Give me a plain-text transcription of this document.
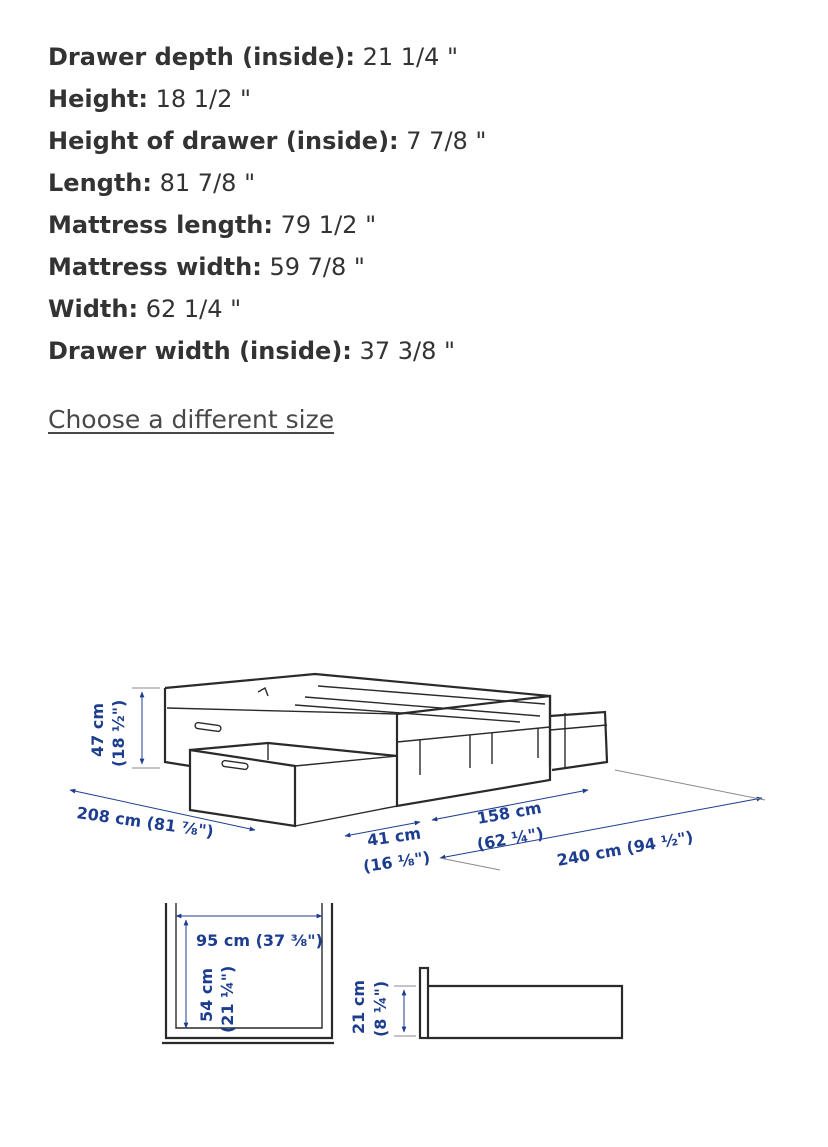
Drawer depth (inside): 21 1/4 "
Height: 18 1/2 "
Height of drawer (inside): 7 7/8 "
Length: 81 7/8 "
Mattress length: 79 1/2 "
Mattress width: 59 7/8 "
Width: 62 1/4 "
Drawer width (inside): 37 3/8 "
Choose a different size
47 cm (18 ½")
208 cm (81 ⅞")	41 cm
(16 ⅛")
158 cm
(62 ¼") 240 cm (94 ½")
95 cm (37 ⅜")
54 cm (21 ¼")	21 cm (8 ¼")
